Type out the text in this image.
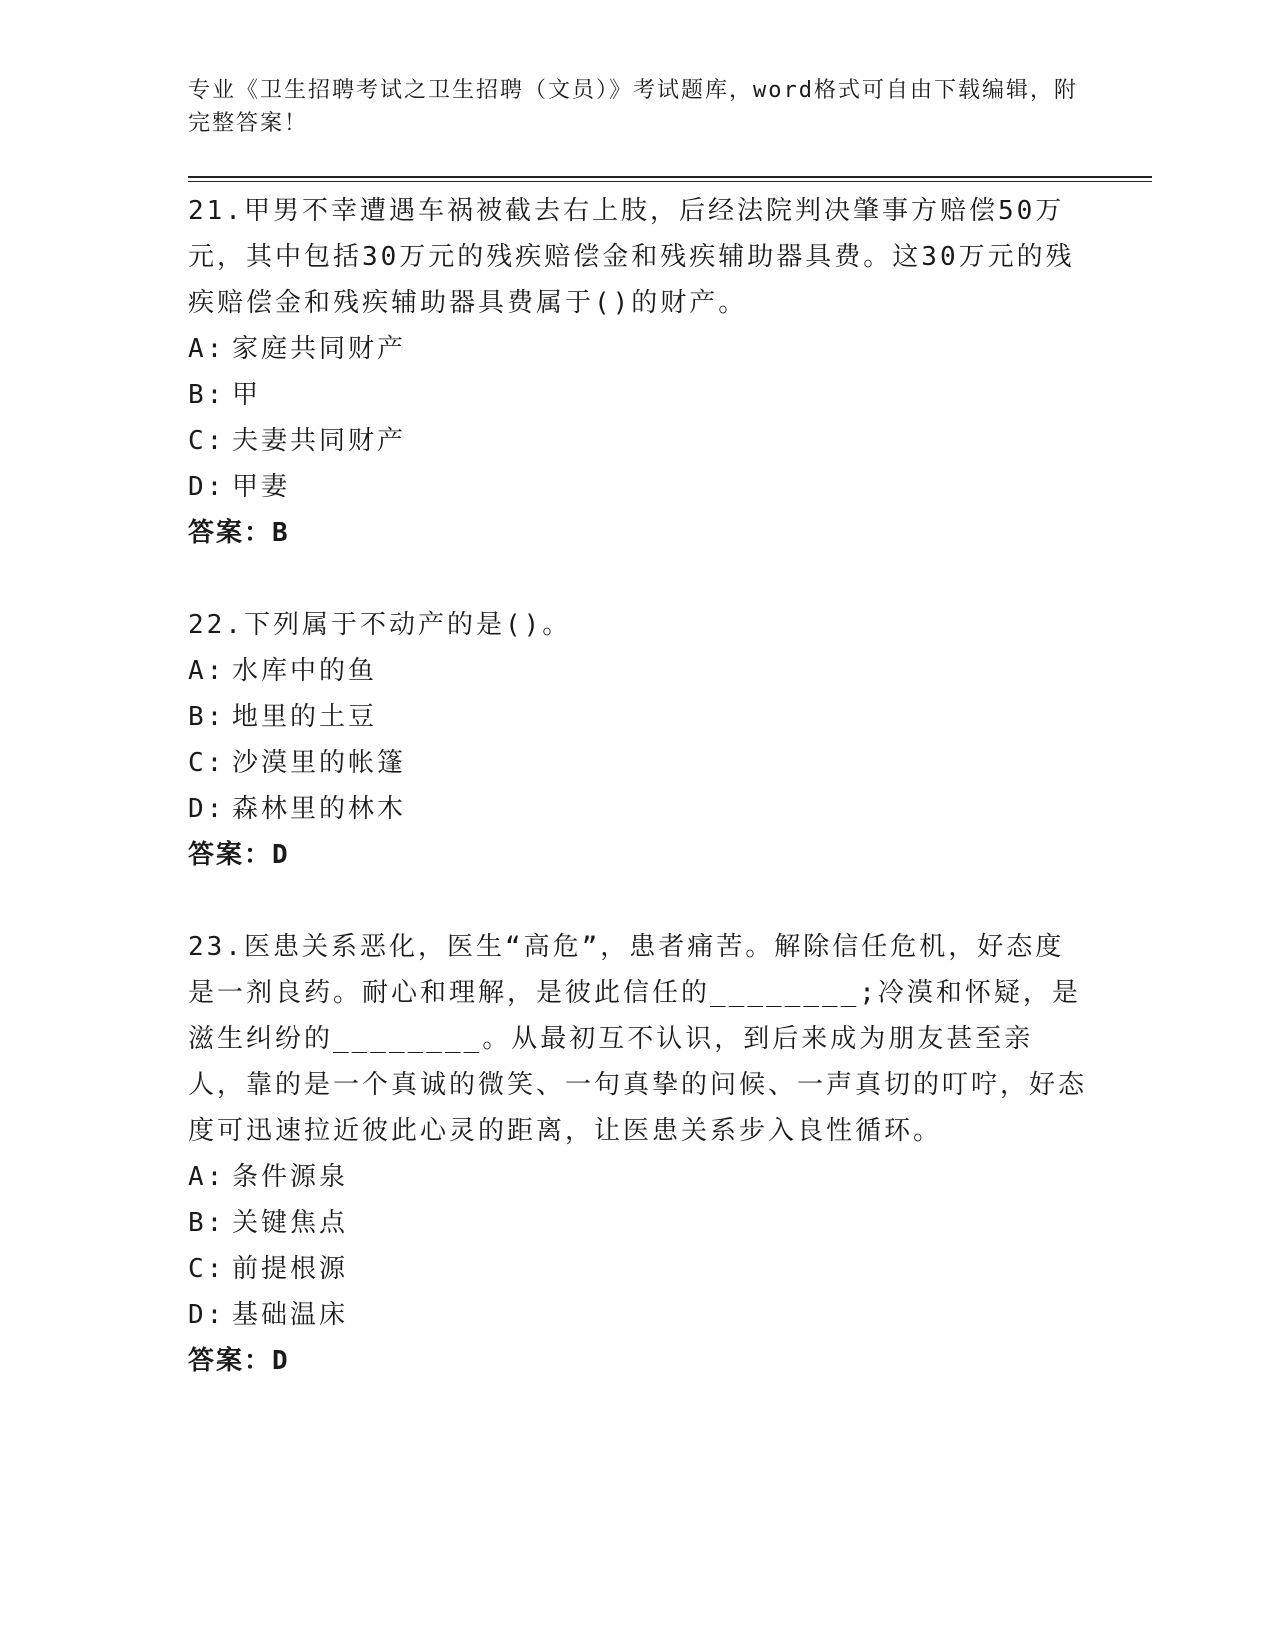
专业《卫生招聘考试之卫生招聘（文员）》考试题库，word格式可自由下载编辑，附完整答案！

21.甲男不幸遭遇车祸被截去右上肢，后经法院判决肇事方赔偿50万元，其中包括30万元的残疾赔偿金和残疾辅助器具费。这30万元的残疾赔偿金和残疾辅助器具费属于()的财产。

A: 家庭共同财产

B: 甲

C: 夫妻共同财产

D: 甲妻

答案：B

22.下列属于不动产的是()。

A: 水库中的鱼

B: 地里的土豆

C: 沙漠里的帐篷

D: 森林里的林木

答案：D

23.医患关系恶化，医生“高危”，患者痛苦。解除信任危机，好态度是一剂良药。耐心和理解，是彼此信任的________;冷漠和怀疑，是滋生纠纷的________。从最初互不认识，到后来成为朋友甚至亲人，靠的是一个真诚的微笑、一句真挚的问候、一声真切的叮咛，好态度可迅速拉近彼此心灵的距离，让医患关系步入良性循环。

A: 条件源泉

B: 关键焦点

C: 前提根源

D: 基础温床

答案：D
